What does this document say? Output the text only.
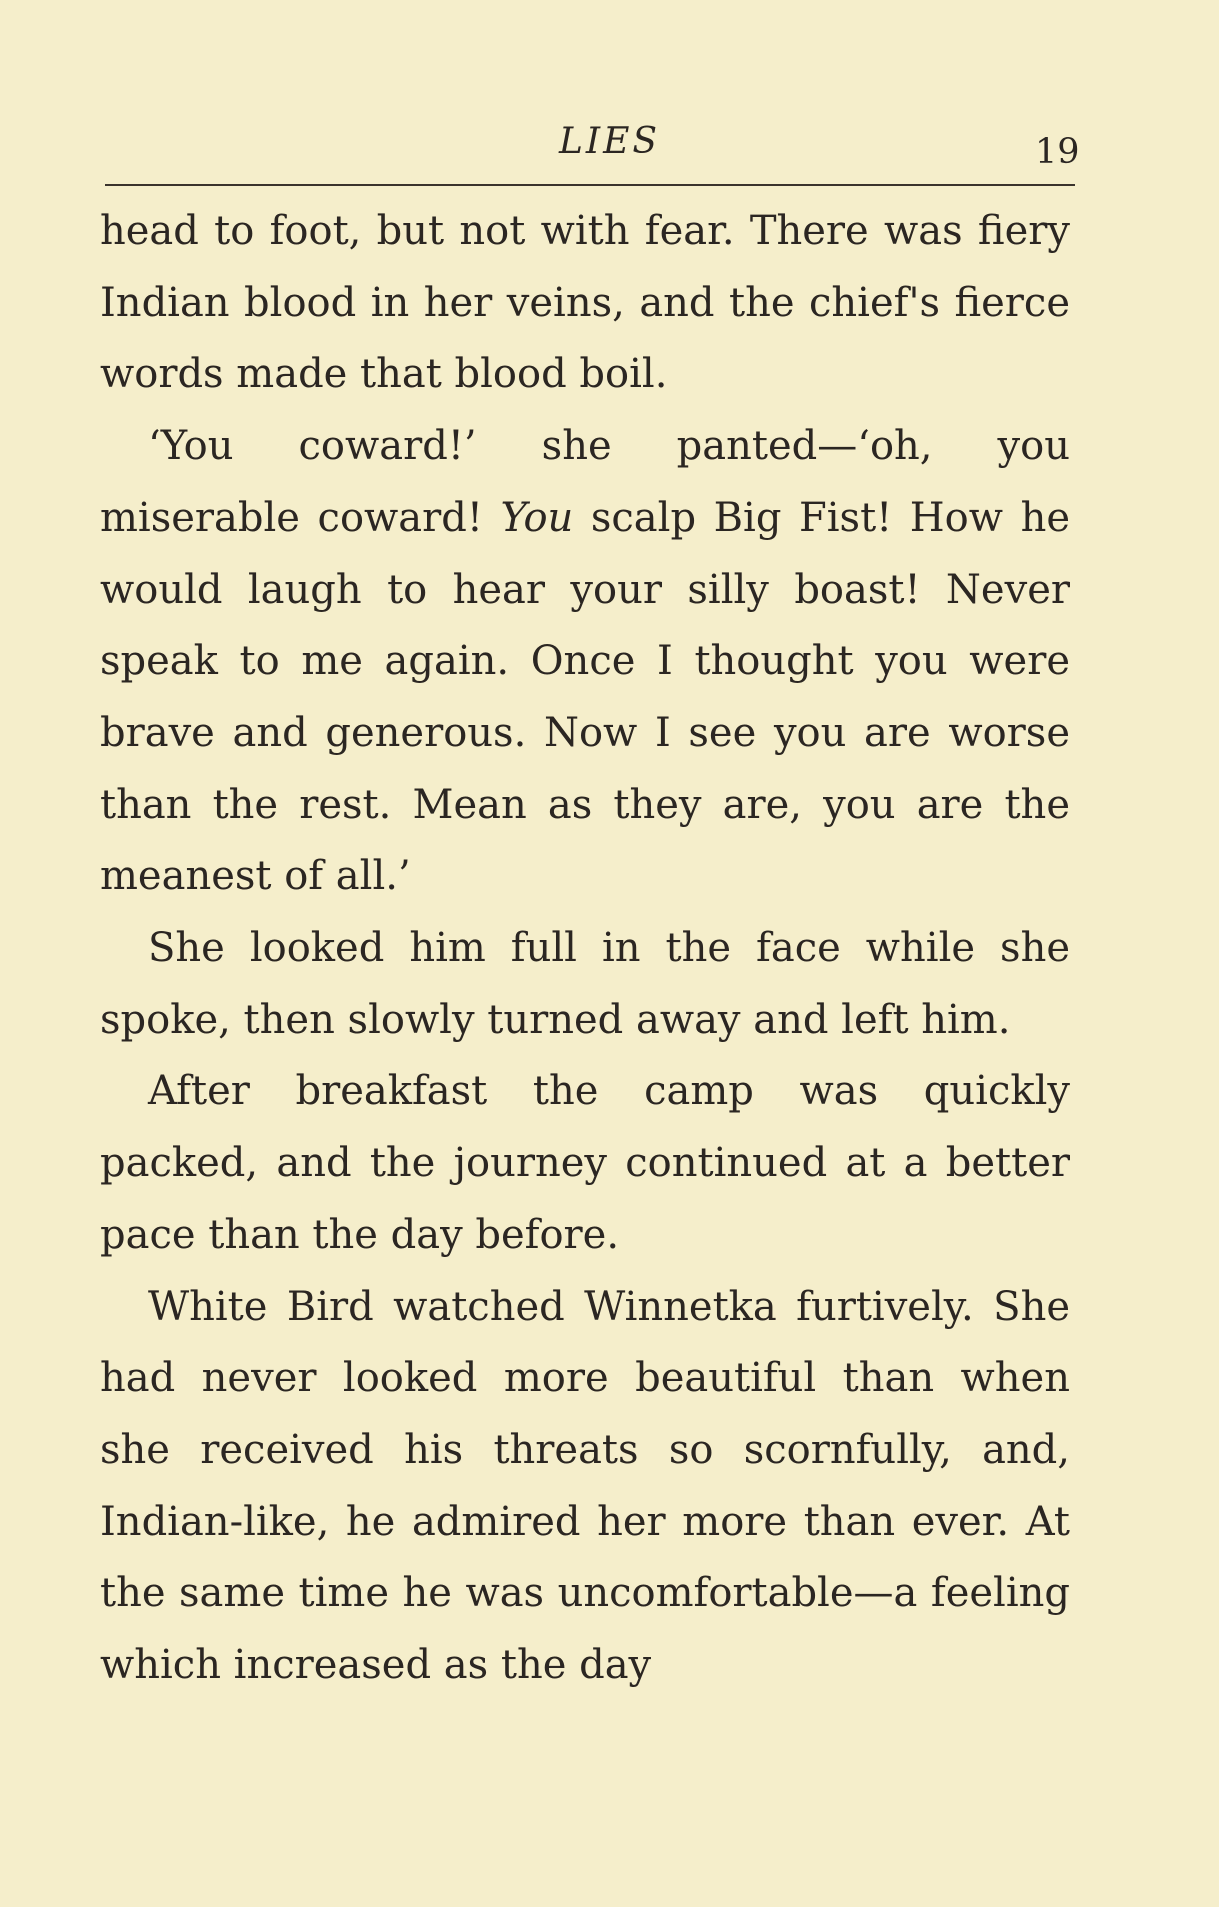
LIES	19

head to foot, but not with fear. There was fiery Indian blood in her veins, and the chief's fierce words made that blood boil.

‘You coward!’ she panted—‘oh, you miserable coward! You scalp Big Fist! How he would laugh to hear your silly boast! Never speak to me again. Once I thought you were brave and generous. Now I see you are worse than the rest. Mean as they are, you are the meanest of all.’

She looked him full in the face while she spoke, then slowly turned away and left him.

After breakfast the camp was quickly packed, and the journey continued at a better pace than the day before.

White Bird watched Winnetka furtively. She had never looked more beautiful than when she received his threats so scornfully, and, Indian-like, he admired her more than ever. At the same time he was uncomfortable—a feeling which increased as the day
